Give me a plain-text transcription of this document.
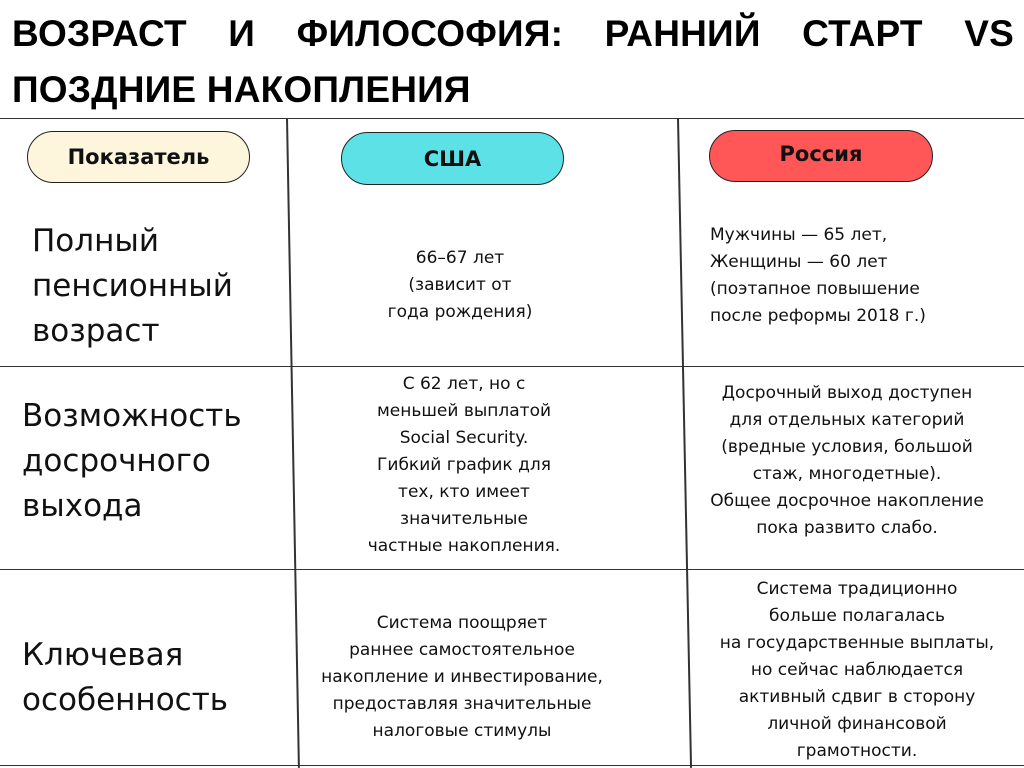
ВОЗРАСТ И ФИЛОСОФИЯ: РАННИЙ СТАРТ VS ПОЗДНИЕ НАКОПЛЕНИЯ
Показатель	США	Россия
Полный
пенсионный
возраст
66–67 лет
(зависит от
года рождения)
Мужчины — 65 лет,
Женщины — 60 лет
(поэтапное повышение
после реформы 2018 г.)
Возможность
досрочного
выхода
С 62 лет, но с
меньшей выплатой
Social Security.
Гибкий график для
тех, кто имеет
значительные
частные накопления.
Досрочный выход доступен
для отдельных категорий
(вредные условия, большой
стаж, многодетные).
Общее досрочное накопление
пока развито слабо.
Ключевая
особенность
Система поощряет
раннее самостоятельное
накопление и инвестирование,
предоставляя значительные
налоговые стимулы
Система традиционно
больше полагалась
на государственные выплаты,
но сейчас наблюдается
активный сдвиг в сторону
личной финансовой
грамотности.
